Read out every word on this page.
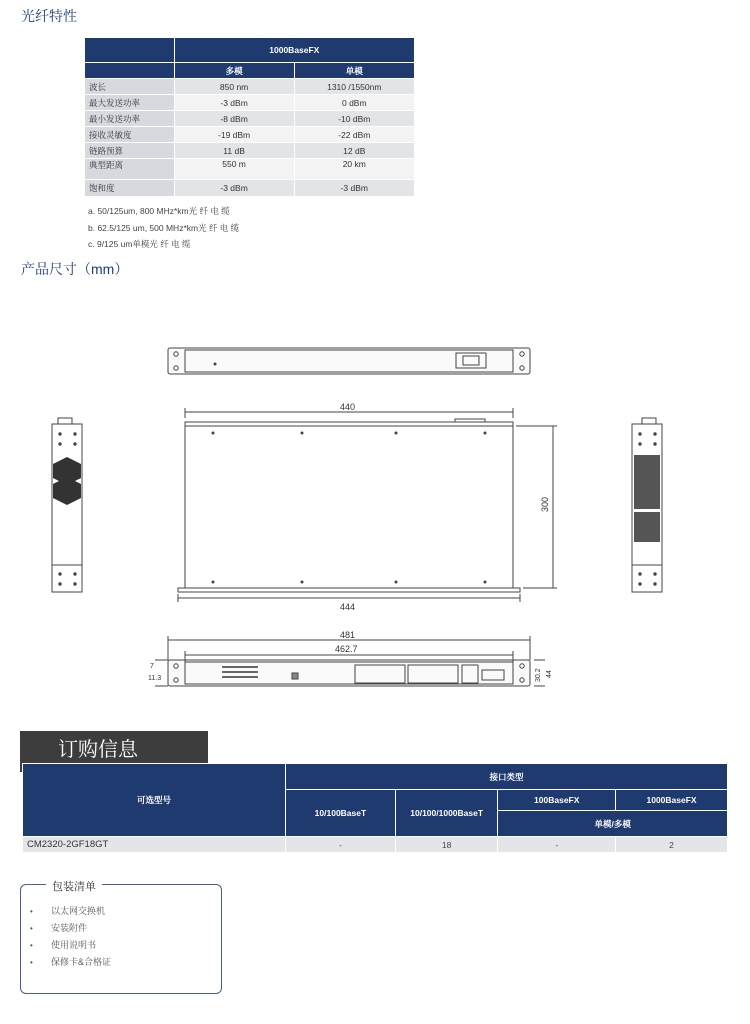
光纤特性
	1000BaseFX	
	多模	单模
波长	850 nm	1310 /1550nm
最大发送功率	-3 dBm	0 dBm
最小发送功率	-8 dBm	-10 dBm
接收灵敏度	-19 dBm	-22 dBm
链路预算	11 dB	12 dB
典型距离	550 m	20 km
饱和度	-3 dBm	-3 dBm
a. 50/125um, 800 MHz*km光 纤 电 缆
b. 62.5/125 um, 500 MHz*km光 纤 电 缆
c. 9/125 um单模光 纤 电 缆
产品尺寸（mm）
440
444
300
481
462.7
7
11.3	30.2 44
订购信息
可选型号	接口类型			
	10/100BaseT	10/100/1000BaseT	100BaseFX	1000BaseFX
			单模/多模	
CM2320-2GF18GT	-	18	-	2
包装清单
• 以太网交换机
• 安装附件
• 使用说明书
• 保修卡&合格证
